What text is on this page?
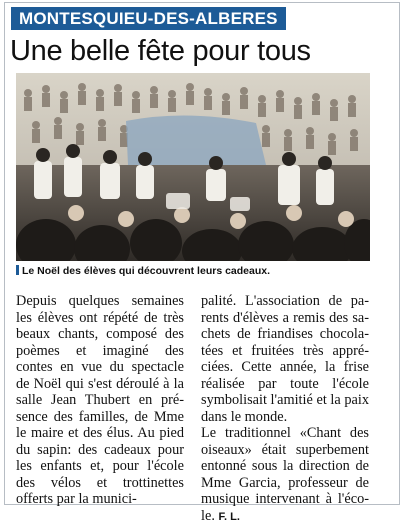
MONTESQUIEU-DES-ALBERES
Une belle fête pour tous
Le Noël des élèves qui découvrent leurs cadeaux.

Depuis quelques semaines les élèves ont répété de très beaux chants, composé des poèmes et imaginé des contes en vue du spectacle de Noël qui s'est déroulé à la salle Jean Thubert en présence des familles, de Mme le maire et des élus. Au pied du sapin: des cadeaux pour les enfants et, pour l'école des vélos et trottinettes offerts par la munici-

palité. L'association de parents d'élèves a remis des sachets de friandises chocolatées et fruitées très appréciées. Cette année, la frise réalisée par toute l'école symbolisait l'amitié et la paix dans le monde.

Le traditionnel «Chant des oiseaux» était superbement entonné sous la direction de Mme Garcia, professeur de musique intervenant à l'école. F. L.
